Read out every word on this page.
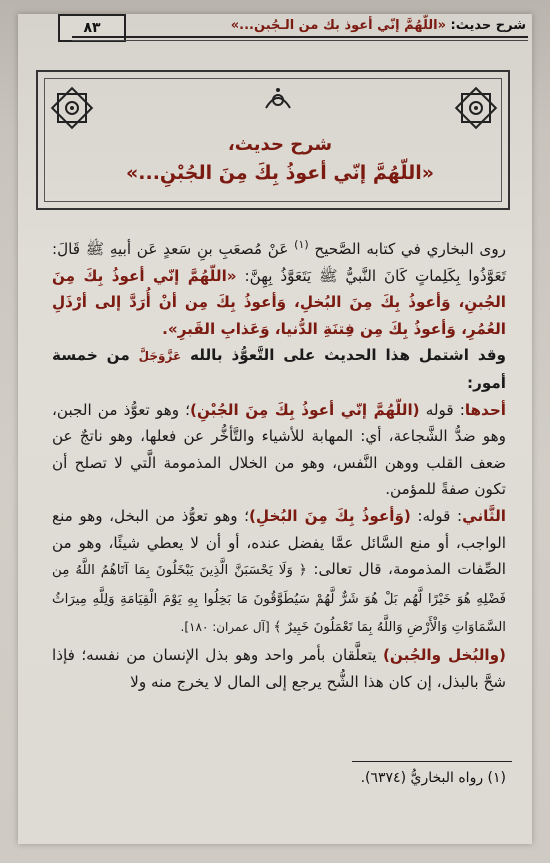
٨٣	شرح حديث: «اللّهُمَّ إنّي أعوذ بك من الـجُبن...»
شرح حديث،
«اللّهُمَّ إنّي أعوذُ بِكَ مِنَ الجُبْنِ...»

روى البخاري في كتابه الصَّحيح $^{(١)}$ عَنْ مُصعَبِ بنِ سَعدٍ عَن أبيهِ ﷺ قَالَ: تَعَوَّذُوا بِكَلِماتٍ كَانَ النَّبيُّ ﷺ يَتَعَوَّذُ بِهِنَّ: «اللّهُمَّ إنّي أعوذُ بِكَ مِنَ الجُبنِ، وَأعوذُ بِكَ مِنَ البُخلِ، وَأعوذُ بِكَ مِن أنْ أُرَدَّ إلى أرْذَلِ العُمُرِ، وَأعوذُ بِكَ مِن فِتنَةِ الدُّنيا، وَعَذابِ القَبرِ».

وقد اشتمل هذا الحديث على التَّعوُّذ بالله عَزَّوَجَلَّ من خمسة أمور:

أحدها: قوله (اللّهُمَّ إنّي أعوذُ بِكَ مِنَ الجُبْنِ)؛ وهو تعوُّذ من الجبن، وهو ضدُّ الشَّجاعة، أي: المهابة للأشياء والتَّأخُّر عن فعلها، وهو ناتجٌ عن ضعف القلب ووهن النَّفس، وهو من الخلال المذمومة الَّتي لا تصلح أن تكون صفةً للمؤمن.

الثَّاني: قوله: (وَأعوذُ بِكَ مِنَ البُخلِ)؛ وهو تعوُّذ من البخل، وهو منع الواجب، أو منع السَّائل عمَّا يفضل عنده، أو أن لا يعطي شيئًا، وهو من الصِّفات المذمومة، قال تعالى: ﴿ وَلَا يَحْسَبَنَّ الَّذِينَ يَبْخَلُونَ بِمَا آتَاهُمُ اللَّهُ مِن فَضْلِهِ هُوَ خَيْرًا لَّهُم بَلْ هُوَ شَرٌّ لَّهُمْ سَيُطَوَّقُونَ مَا بَخِلُوا بِهِ يَوْمَ الْقِيَامَةِ وَلِلَّهِ مِيرَاثُ السَّمَاوَاتِ وَالْأَرْضِ وَاللَّهُ بِمَا تَعْمَلُونَ خَبِيرٌ ﴾ [آل عمران: ١٨٠].

(والبُخل والجُبن) يتعلَّقان بأمر واحد وهو بذل الإنسان من نفسه؛ فإذا شحَّ بالبذل، إن كان هذا الشُّح يرجع إلى المال لا يخرج منه ولا

(١) رواه البخاريُّ (٦٣٧٤).
